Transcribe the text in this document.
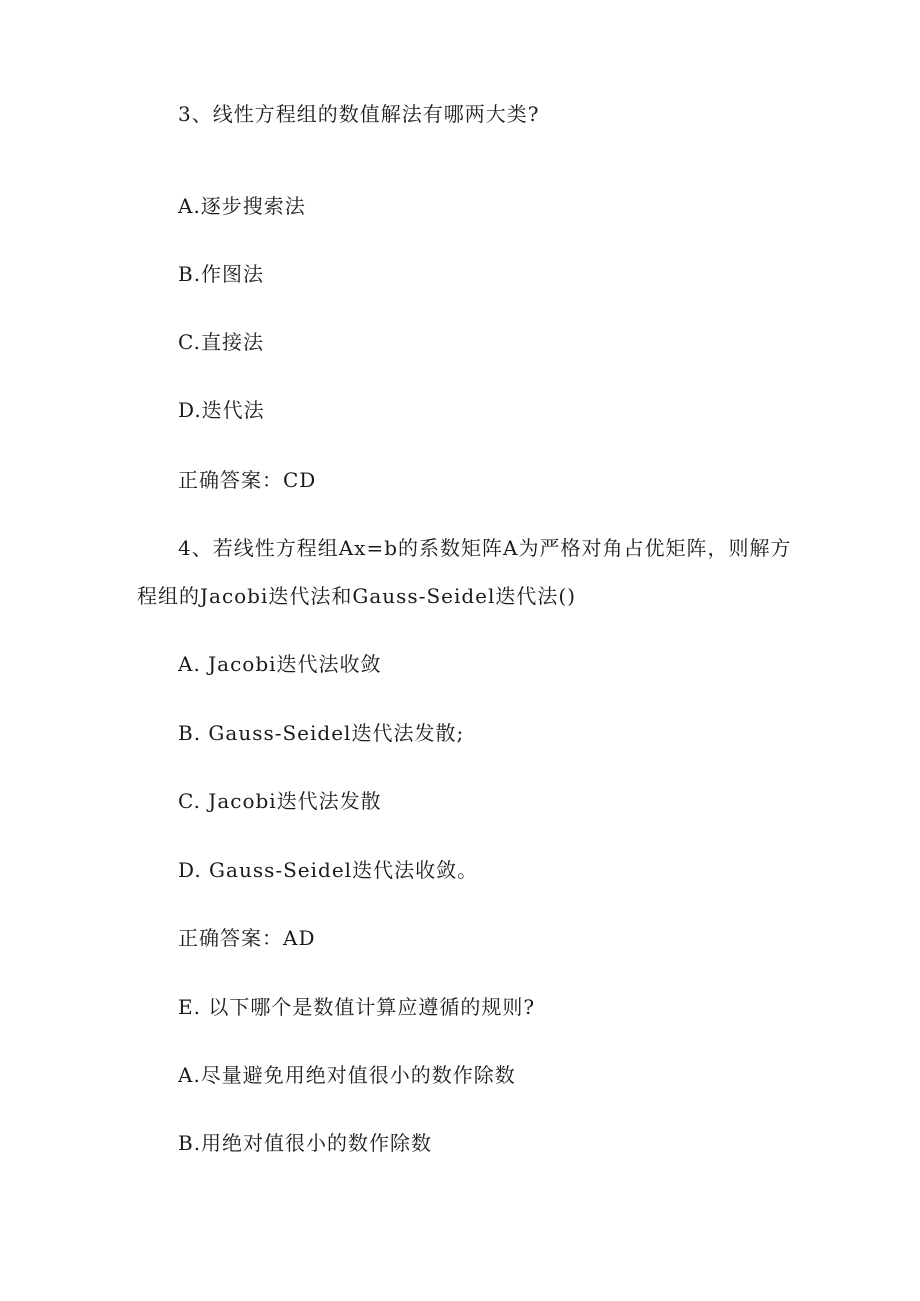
3、线性方程组的数值解法有哪两大类?
A.逐步搜索法
B.作图法
C.直接法
D.迭代法
正确答案：CD
4、若线性方程组Ax=b的系数矩阵A为严格对角占优矩阵，则解方
程组的Jacobi迭代法和Gauss-Seidel迭代法()
A. Jacobi迭代法收敛
B. Gauss-Seidel迭代法发散;
C. Jacobi迭代法发散
D. Gauss-Seidel迭代法收敛。
正确答案：AD
E. 以下哪个是数值计算应遵循的规则?
A.尽量避免用绝对值很小的数作除数
B.用绝对值很小的数作除数
